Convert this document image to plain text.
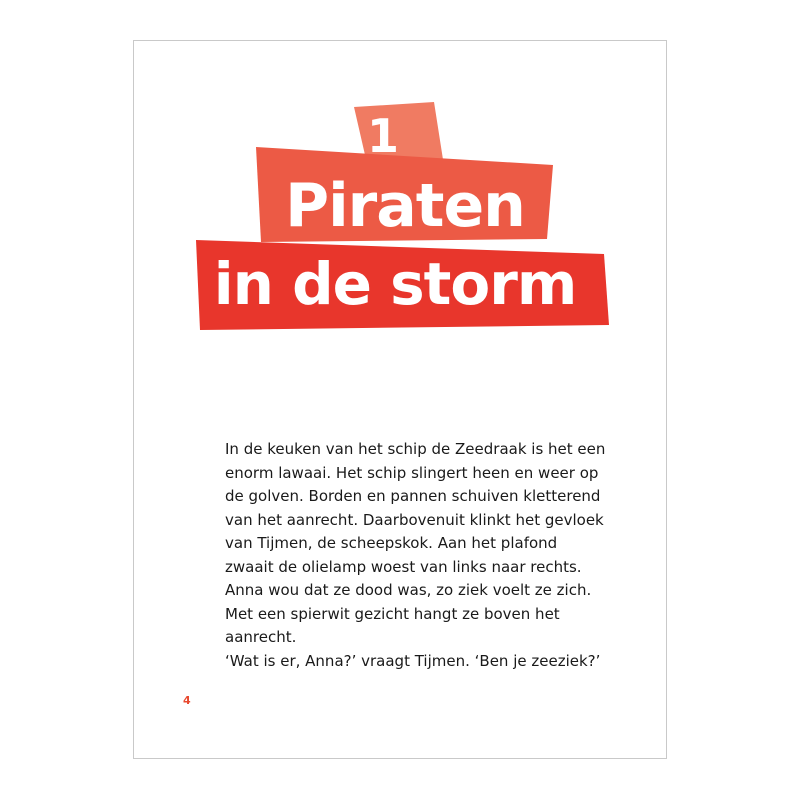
1
Piraten
in de storm
In de keuken van het schip de Zeedraak is het een
enorm lawaai. Het schip slingert heen en weer op
de golven. Borden en pannen schuiven kletterend
van het aanrecht. Daarbovenuit klinkt het gevloek
van Tijmen, de scheepskok. Aan het plafond
zwaait de olielamp woest van links naar rechts.
Anna wou dat ze dood was, zo ziek voelt ze zich.
Met een spierwit gezicht hangt ze boven het
aanrecht.
‘Wat is er, Anna?’ vraagt Tijmen. ‘Ben je zeeziek?’
4
